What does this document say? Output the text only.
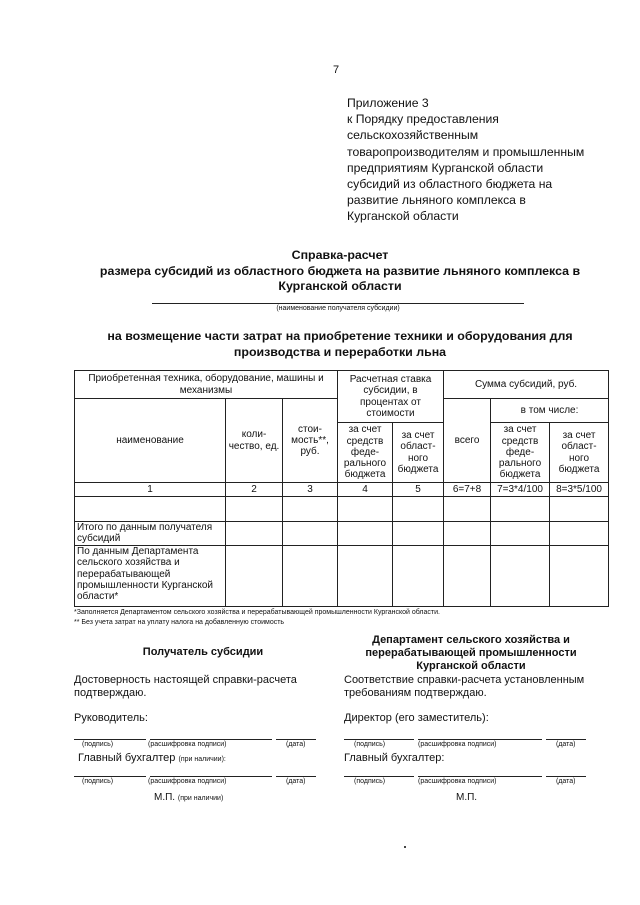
7
Приложение 3
к Порядку предоставления
сельскохозяйственным
товаропроизводителям и промышленным
предприятиям Курганской области
субсидий из областного бюджета на
развитие льняного комплекса в
Курганской области
Справка-расчет
размера субсидий из областного бюджета на развитие льняного комплекса в
Курганской области
(наименование получателя субсидии)
на возмещение части затрат на приобретение техники и оборудования для
производства и переработки льна
Приобретенная техника, оборудование, машины и механизмы			Расчетная ставка субсидии, в процентах от стоимости		Сумма субсидий, руб.		
наименование	коли-чество, ед.	стои-мость**, руб.			всего	в том числе:	
			за счет средств феде-рального бюджета	за счет област-ного бюджета		за счет средств феде-рального бюджета	за счет област-ного бюджета

1	2	3	4	5	6=7+8	7=3*4/100	8=3*5/100

Итого по данным получателя субсидий							
По данным Департамента сельского хозяйства и перерабатывающей промышленности Курганской области*							
*Заполняется Департаментом сельского хозяйства и перерабатывающей промышленности Курганской области.
** Без учета затрат на уплату налога на добавленную стоимость
Получатель субсидии
Достоверность настоящей справки-расчета подтверждаю.
Руководитель:
(подпись)	(расшифровка подписи)	(дата)
Главный бухгалтер (при наличии):
(подпись)	(расшифровка подписи)	(дата)
М.П. (при наличии)
Департамент сельского хозяйства и перерабатывающей промышленности Курганской области
Соответствие справки-расчета установленным требованиям подтверждаю.
Директор (его заместитель):
(подпись)	(расшифровка подписи)	(дата)
Главный бухгалтер:
(подпись)	(расшифровка подписи)	(дата)
М.П.
